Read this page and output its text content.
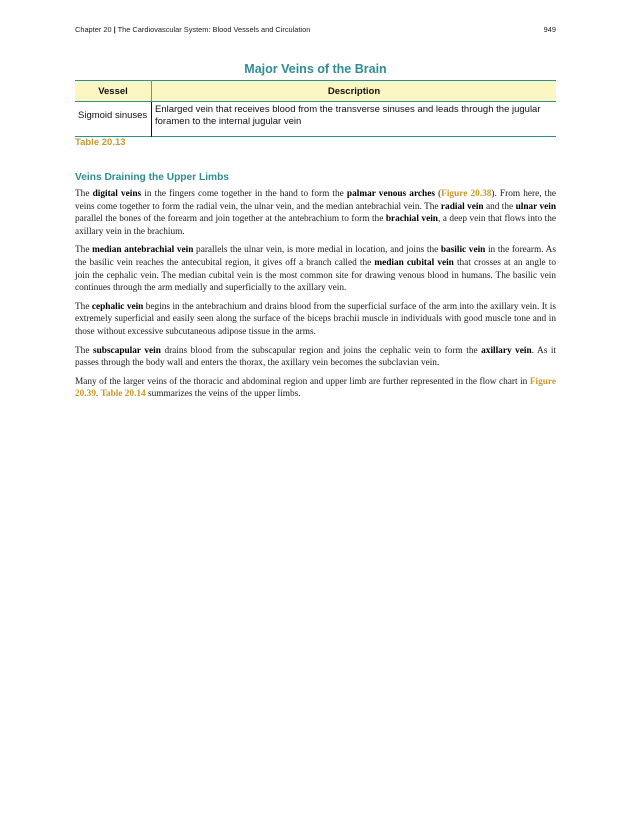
Chapter 20 | The Cardiovascular System: Blood Vessels and Circulation	949
Major Veins of the Brain
Vessel	Description
Sigmoid sinuses	Enlarged vein that receives blood from the transverse sinuses and leads through the jugular foramen to the internal jugular vein
Table 20.13
Veins Draining the Upper Limbs

The digital veins in the fingers come together in the hand to form the palmar venous arches (Figure 20.38). From here, the veins come together to form the radial vein, the ulnar vein, and the median antebrachial vein. The radial vein and the ulnar vein parallel the bones of the forearm and join together at the antebrachium to form the brachial vein, a deep vein that flows into the axillary vein in the brachium.

The median antebrachial vein parallels the ulnar vein, is more medial in location, and joins the basilic vein in the forearm. As the basilic vein reaches the antecubital region, it gives off a branch called the median cubital vein that crosses at an angle to join the cephalic vein. The median cubital vein is the most common site for drawing venous blood in humans. The basilic vein continues through the arm medially and superficially to the axillary vein.

The cephalic vein begins in the antebrachium and drains blood from the superficial surface of the arm into the axillary vein. It is extremely superficial and easily seen along the surface of the biceps brachii muscle in individuals with good muscle tone and in those without excessive subcutaneous adipose tissue in the arms.

The subscapular vein drains blood from the subscapular region and joins the cephalic vein to form the axillary vein. As it passes through the body wall and enters the thorax, the axillary vein becomes the subclavian vein.

Many of the larger veins of the thoracic and abdominal region and upper limb are further represented in the flow chart in Figure 20.39. Table 20.14 summarizes the veins of the upper limbs.
